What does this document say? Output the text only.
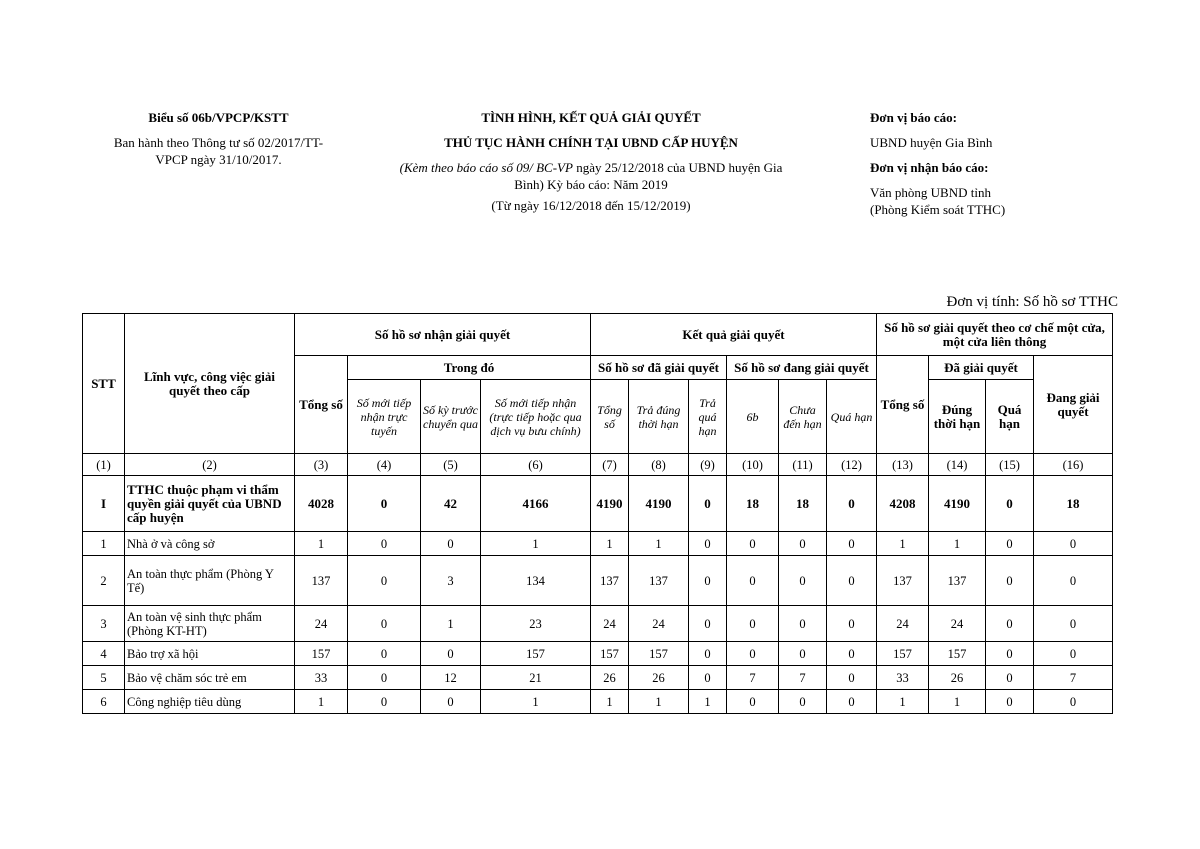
Biểu số 06b/VPCP/KSTT
Ban hành theo Thông tư số 02/2017/TT-
VPCP ngày 31/10/2017.
TÌNH HÌNH, KẾT QUẢ GIẢI QUYẾT
THỦ TỤC HÀNH CHÍNH TẠI UBND CẤP HUYỆN
(Kèm theo báo cáo số 09/ BC-VP ngày 25/12/2018 của UBND huyện Gia
Bình) Kỳ báo cáo: Năm 2019
(Từ ngày 16/12/2018 đến 15/12/2019)
Đơn vị báo cáo:
UBND huyện Gia Bình
Đơn vị nhận báo cáo:
Văn phòng UBND tỉnh
(Phòng Kiểm soát TTHC)
Đơn vị tính: Số hồ sơ TTHC
STT	Lĩnh vực, công việc giải quyết theo cấp	Số hồ sơ nhận giải quyết				Kết quả giải quyết						Số hồ sơ giải quyết theo cơ chế một cửa, một cửa liên thông			
		Tổng số	Trong đó			Số hồ sơ đã giải quyết			Số hồ sơ đang giải quyết			Tổng số	Đã giải quyết		Đang giải quyết
			Số mới tiếp nhận trực tuyến	Số kỳ trước chuyển qua	Số mới tiếp nhận (trực tiếp hoặc qua dịch vụ bưu chính)	Tổng số	Trả đúng thời hạn	Trả quá hạn	6b	Chưa đến hạn	Quá hạn		Đúng thời hạn	Quá hạn	
(1)	(2)	(3)	(4)	(5)	(6)	(7)	(8)	(9)	(10)	(11)	(12)	(13)	(14)	(15)	(16)
I	TTHC thuộc phạm vi thẩm quyền giải quyết của UBND cấp huyện	4028	0	42	4166	4190	4190	0	18	18	0	4208	4190	0	18
1	Nhà ở và công sở	1	0	0	1	1	1	0	0	0	0	1	1	0	0
2	An toàn thực phẩm (Phòng Y Tế)	137	0	3	134	137	137	0	0	0	0	137	137	0	0
3	An toàn vệ sinh thực phẩm (Phòng KT-HT)	24	0	1	23	24	24	0	0	0	0	24	24	0	0
4	Bảo trợ xã hội	157	0	0	157	157	157	0	0	0	0	157	157	0	0
5	Bảo vệ chăm sóc trẻ em	33	0	12	21	26	26	0	7	7	0	33	26	0	7
6	Công nghiệp tiêu dùng	1	0	0	1	1	1	1	0	0	0	1	1	0	0
